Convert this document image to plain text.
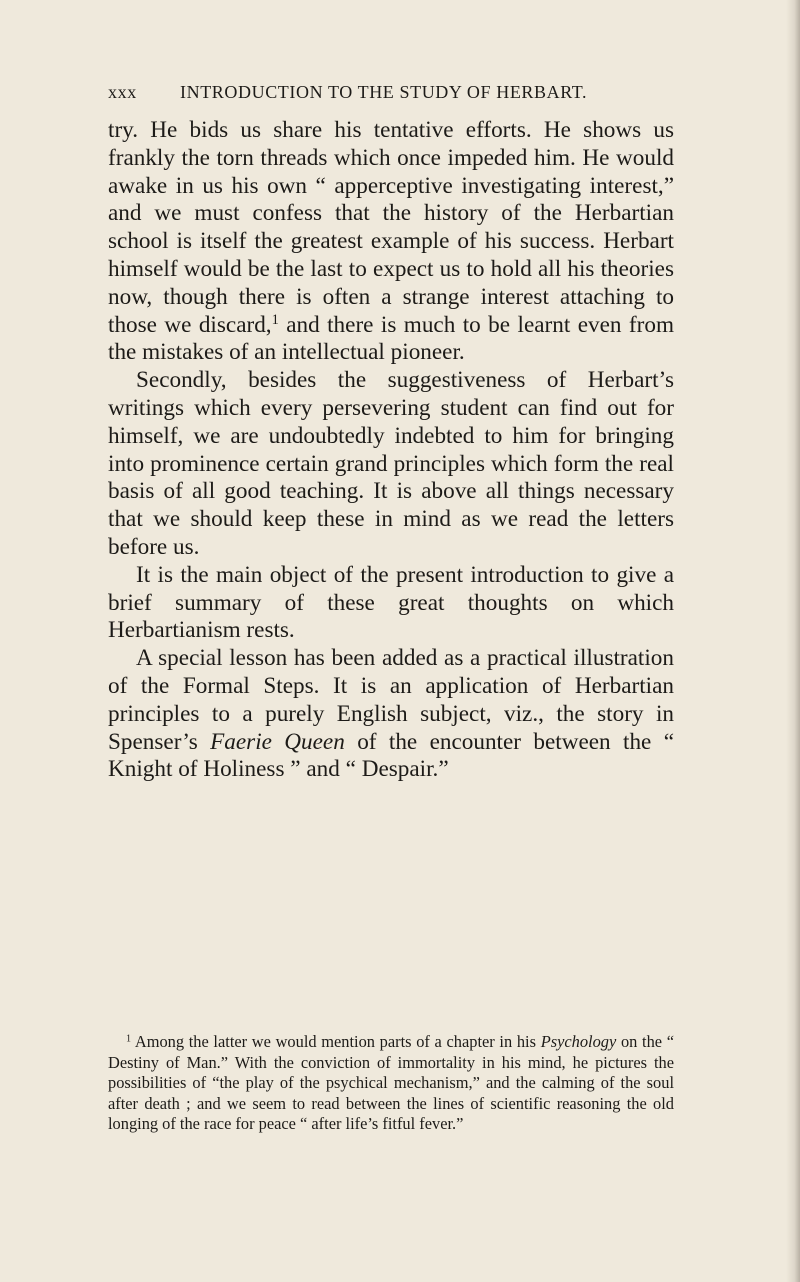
xxx INTRODUCTION TO THE STUDY OF HERBART.

try. He bids us share his tentative efforts. He shows us frankly the torn threads which once impeded him. He would awake in us his own “ apperceptive investigating interest,” and we must confess that the history of the Herbartian school is itself the greatest example of his success. Herbart himself would be the last to expect us to hold all his theories now, though there is often a strange interest attaching to those we discard,$^1$ and there is much to be learnt even from the mistakes of an intellectual pioneer.

Secondly, besides the suggestiveness of Herbart’s writings which every persevering student can find out for himself, we are undoubtedly indebted to him for bringing into prominence certain grand principles which form the real basis of all good teaching. It is above all things necessary that we should keep these in mind as we read the letters before us.

It is the main object of the present introduction to give a brief summary of these great thoughts on which Herbartianism rests.

A special lesson has been added as a practical illustration of the Formal Steps. It is an application of Herbartian principles to a purely English subject, viz., the story in Spenser’s Faerie Queen of the encounter between the “ Knight of Holiness ” and “ Despair.”

$^1$ Among the latter we would mention parts of a chapter in his Psychology on the “ Destiny of Man.” With the conviction of immortality in his mind, he pictures the possibilities of “the play of the psychical mechanism,” and the calming of the soul after death ; and we seem to read between the lines of scientific reasoning the old longing of the race for peace “ after life’s fitful fever.”
